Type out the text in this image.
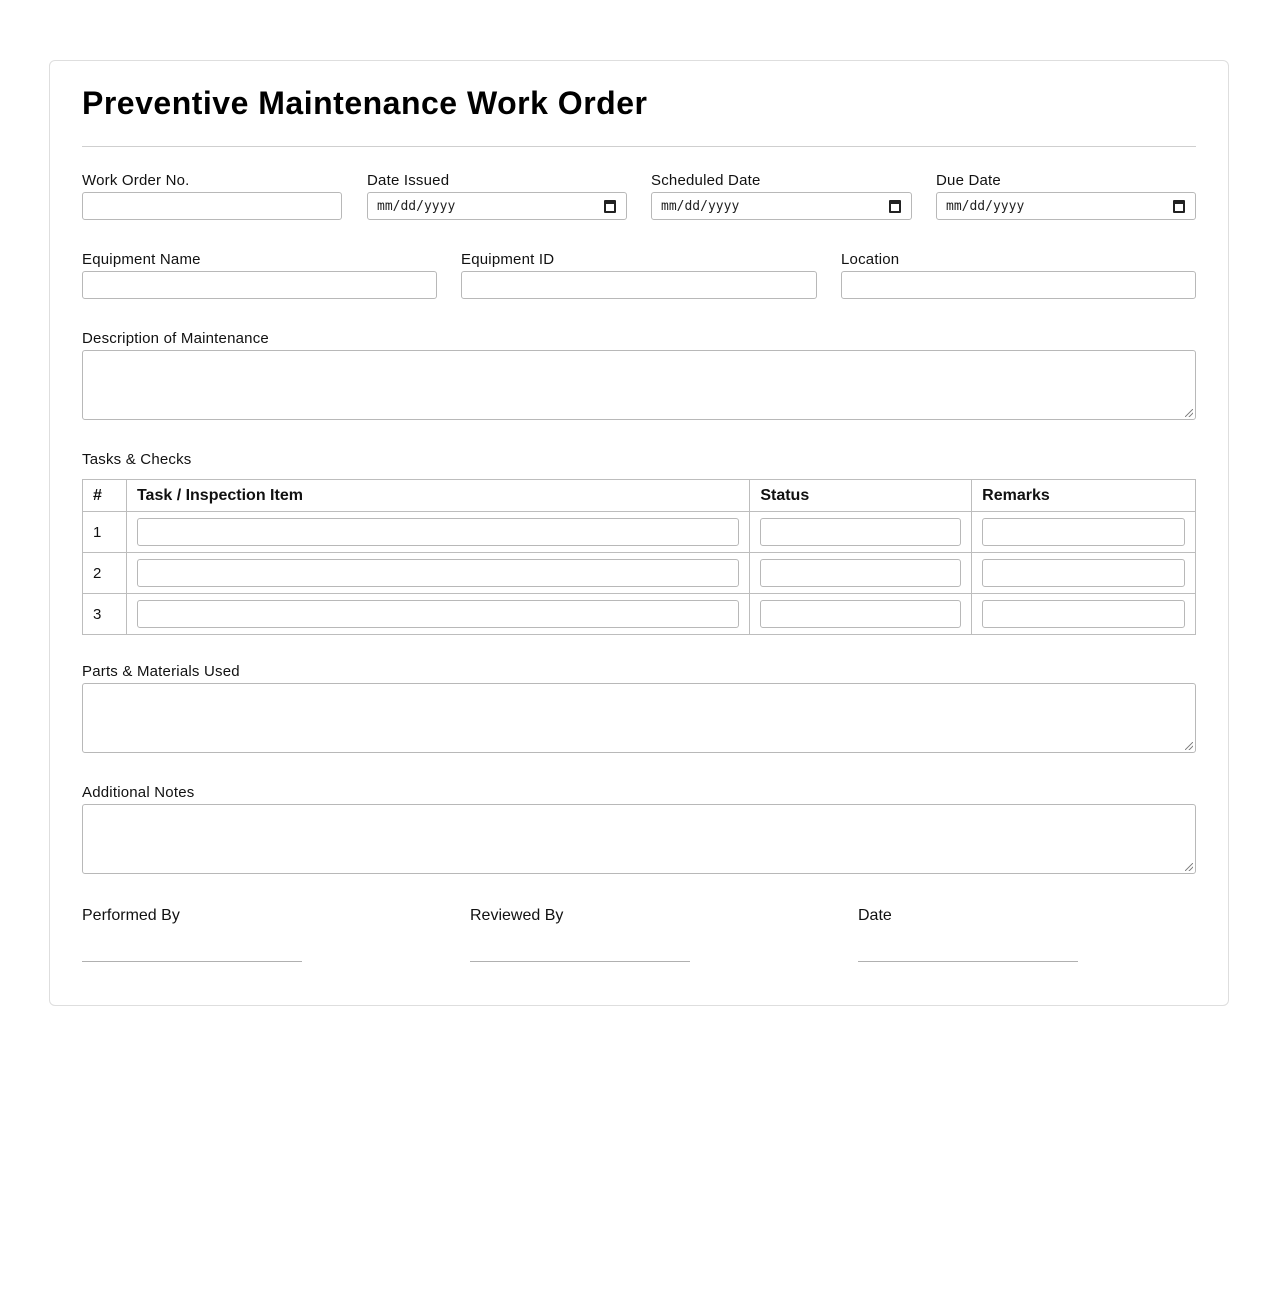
Preventive Maintenance Work Order
Work Order No.	Date Issued
mm/dd/yyyy
Scheduled Date
mm/dd/yyyy
Due Date
mm/dd/yyyy
Equipment Name	Equipment ID	Location
Description of Maintenance
Tasks & Checks
#	Task / Inspection Item	Status	Remarks
1	

2	

3	

Parts & Materials Used
Additional Notes
Performed By	Reviewed By	Date
